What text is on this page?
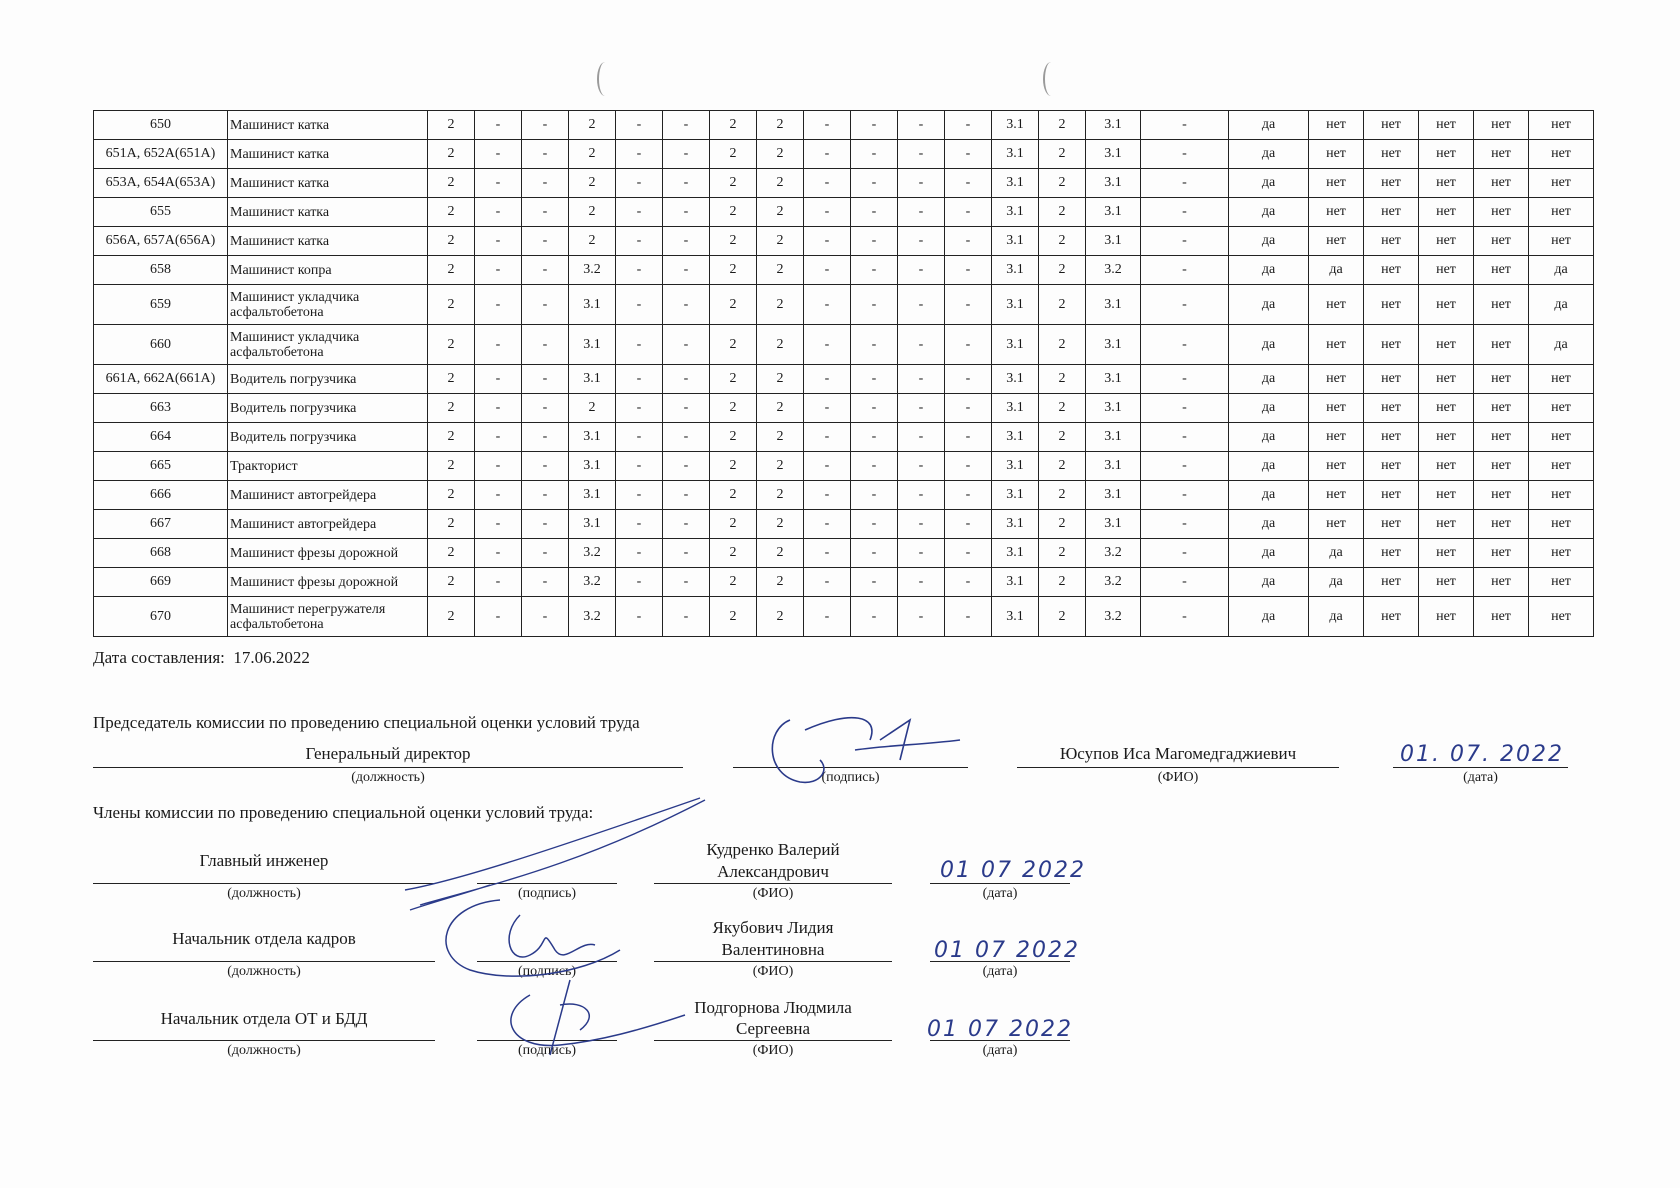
650	Машинист катка	2	-	-	2	-	-	2	2	-	-	-	-	3.1	2	3.1	-	да	нет	нет	нет	нет	нет
651А, 652А(651А)	Машинист катка	2	-	-	2	-	-	2	2	-	-	-	-	3.1	2	3.1	-	да	нет	нет	нет	нет	нет
653А, 654А(653А)	Машинист катка	2	-	-	2	-	-	2	2	-	-	-	-	3.1	2	3.1	-	да	нет	нет	нет	нет	нет
655	Машинист катка	2	-	-	2	-	-	2	2	-	-	-	-	3.1	2	3.1	-	да	нет	нет	нет	нет	нет
656А, 657А(656А)	Машинист катка	2	-	-	2	-	-	2	2	-	-	-	-	3.1	2	3.1	-	да	нет	нет	нет	нет	нет
658	Машинист копра	2	-	-	3.2	-	-	2	2	-	-	-	-	3.1	2	3.2	-	да	да	нет	нет	нет	да
659	Машинист укладчика асфальтобетона	2	-	-	3.1	-	-	2	2	-	-	-	-	3.1	2	3.1	-	да	нет	нет	нет	нет	да
660	Машинист укладчика асфальтобетона	2	-	-	3.1	-	-	2	2	-	-	-	-	3.1	2	3.1	-	да	нет	нет	нет	нет	да
661А, 662А(661А)	Водитель погрузчика	2	-	-	3.1	-	-	2	2	-	-	-	-	3.1	2	3.1	-	да	нет	нет	нет	нет	нет
663	Водитель погрузчика	2	-	-	2	-	-	2	2	-	-	-	-	3.1	2	3.1	-	да	нет	нет	нет	нет	нет
664	Водитель погрузчика	2	-	-	3.1	-	-	2	2	-	-	-	-	3.1	2	3.1	-	да	нет	нет	нет	нет	нет
665	Тракторист	2	-	-	3.1	-	-	2	2	-	-	-	-	3.1	2	3.1	-	да	нет	нет	нет	нет	нет
666	Машинист автогрейдера	2	-	-	3.1	-	-	2	2	-	-	-	-	3.1	2	3.1	-	да	нет	нет	нет	нет	нет
667	Машинист автогрейдера	2	-	-	3.1	-	-	2	2	-	-	-	-	3.1	2	3.1	-	да	нет	нет	нет	нет	нет
668	Машинист фрезы дорожной	2	-	-	3.2	-	-	2	2	-	-	-	-	3.1	2	3.2	-	да	да	нет	нет	нет	нет
669	Машинист фрезы дорожной	2	-	-	3.2	-	-	2	2	-	-	-	-	3.1	2	3.2	-	да	да	нет	нет	нет	нет
670	Машинист перегружателя асфальтобетона	2	-	-	3.2	-	-	2	2	-	-	-	-	3.1	2	3.2	-	да	да	нет	нет	нет	нет
Дата составления: 17.06.2022
Председатель комиссии по проведению специальной оценки условий труда
Генеральный директор
(должность)	(подпись)
Юсупов Иса Магомедгаджиевич
(ФИО)
01. 07. 2022
(дата)
Члены комиссии по проведению специальной оценки условий труда:
Главный инженер
(должность)	(подпись)
Кудренко Валерий
Александрович
(ФИО)
01 07 2022
(дата)
Начальник отдела кадров
(должность)	(подпись)
Якубович Лидия
Валентиновна
(ФИО)
01 07 2022
(дата)
Начальник отдела ОТ и БДД
(должность)	(подпись)
Подгорнова Людмила
Сергеевна
(ФИО)
01 07 2022
(дата)
